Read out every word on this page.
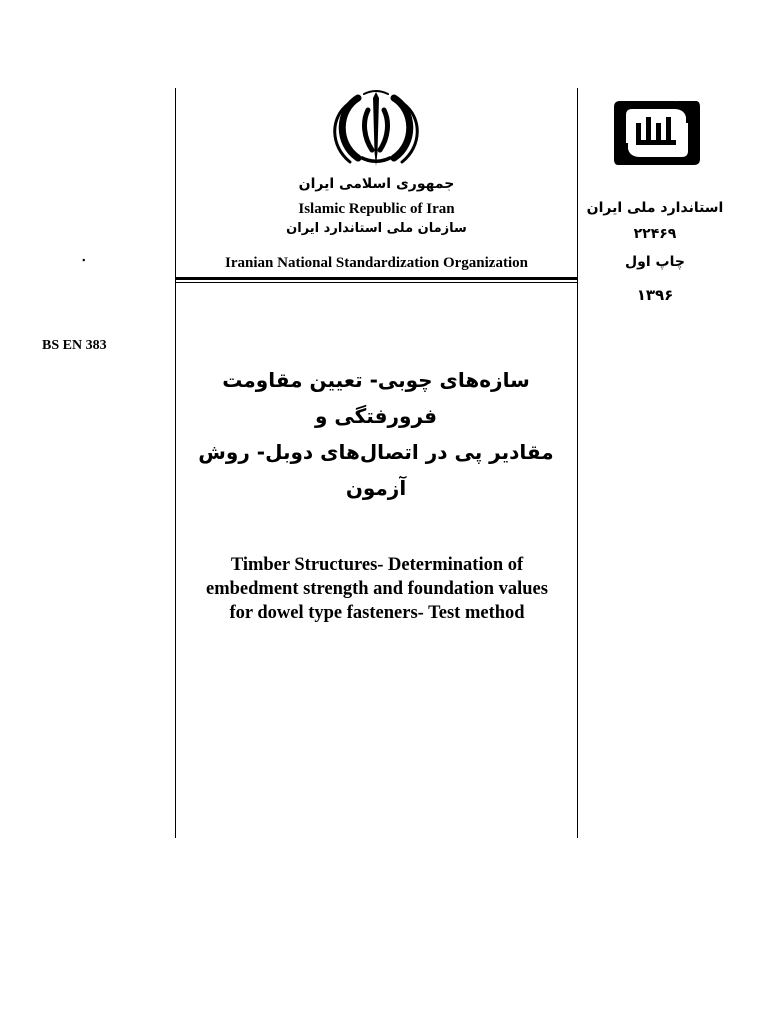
جمهوری اسلامی ایران
Islamic Republic of Iran
سازمان ملی استاندارد ایران
Iranian National Standardization Organization
سازه‌های چوبی- تعیین مقاومت فرورفتگی و
مقادیر پی در اتصال‌های دوبل- روش آزمون
Timber Structures- Determination of
embedment strength and foundation values
for dowel type fasteners- Test method
استاندارد ملی ایران
۲۲۴۶۹
چاپ اول
۱۳۹۶
٠
BS EN 383
